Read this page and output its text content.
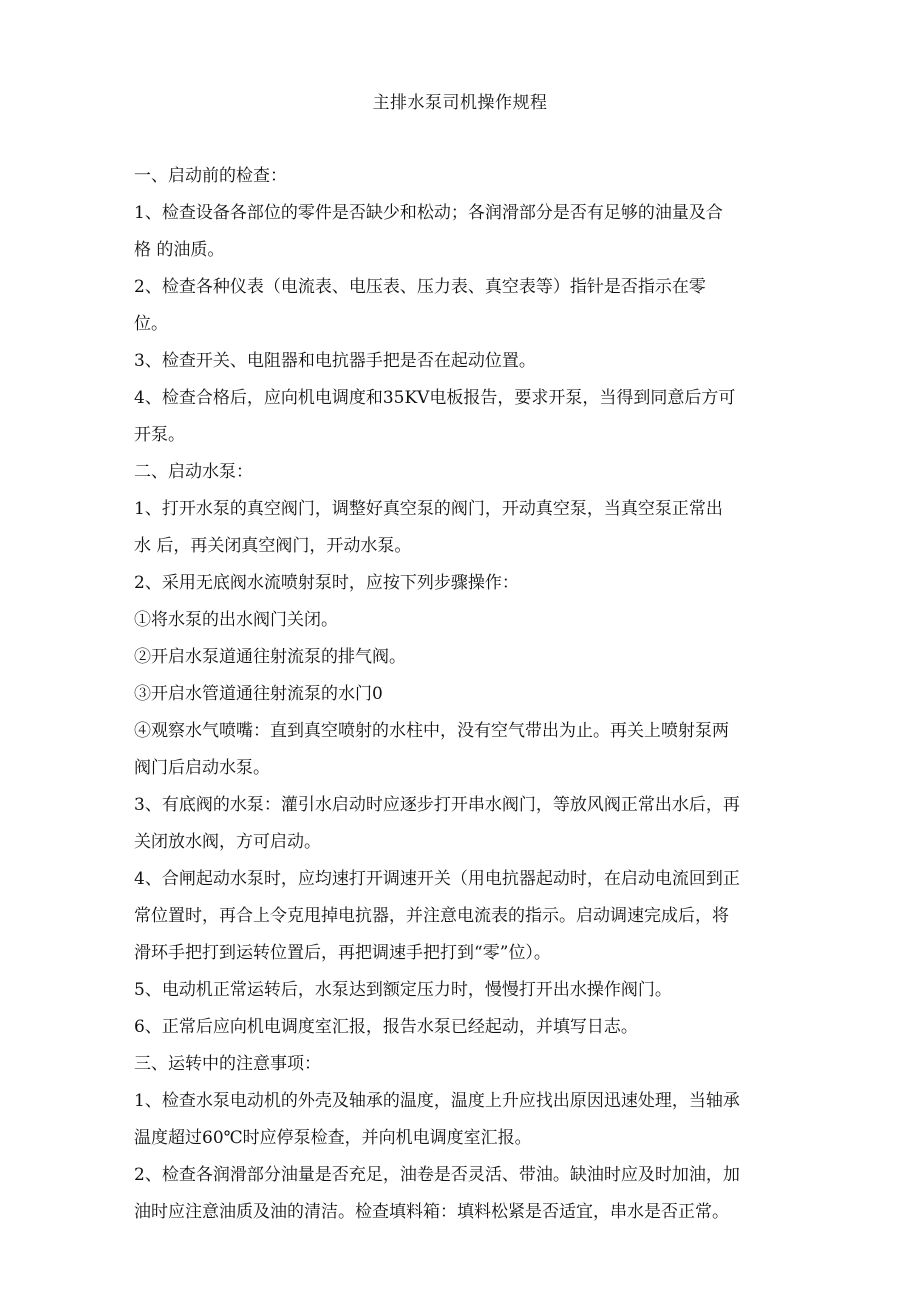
主排水泵司机操作规程
一、启动前的检查：
1、检查设备各部位的零件是否缺少和松动；各润滑部分是否有足够的油量及合
格 的油质。
2、检查各种仪表（电流表、电压表、压力表、真空表等）指针是否指示在零
位。
3、检查开关、电阻器和电抗器手把是否在起动位置。
4、检查合格后，应向机电调度和35KV电板报告，要求开泵，当得到同意后方可
开泵。
二、启动水泵：
1、打开水泵的真空阀门，调整好真空泵的阀门，开动真空泵，当真空泵正常出
水 后，再关闭真空阀门，开动水泵。
2、采用无底阀水流喷射泵时，应按下列步骤操作：
①将水泵的出水阀门关闭。
②开启水泵道通往射流泵的排气阀。
③开启水管道通往射流泵的水门0
④观察水气喷嘴：直到真空喷射的水柱中，没有空气带出为止。再关上喷射泵两
阀门后启动水泵。
3、有底阀的水泵：灌引水启动时应逐步打开串水阀门，等放风阀正常出水后，再
关闭放水阀，方可启动。
4、合闸起动水泵时，应均速打开调速开关（用电抗器起动时，在启动电流回到正
常位置时，再合上令克甩掉电抗器，并注意电流表的指示。启动调速完成后，将
滑环手把打到运转位置后，再把调速手把打到“零”位）。
5、电动机正常运转后，水泵达到额定压力时，慢慢打开出水操作阀门。
6、正常后应向机电调度室汇报，报告水泵已经起动，并填写日志。
三、运转中的注意事项：
1、检查水泵电动机的外壳及轴承的温度，温度上升应找出原因迅速处理，当轴承
温度超过60℃时应停泵检查，并向机电调度室汇报。
2、检查各润滑部分油量是否充足，油卷是否灵活、带油。缺油时应及时加油，加
油时应注意油质及油的清洁。检查填料箱：填料松紧是否适宜，串水是否正常。
